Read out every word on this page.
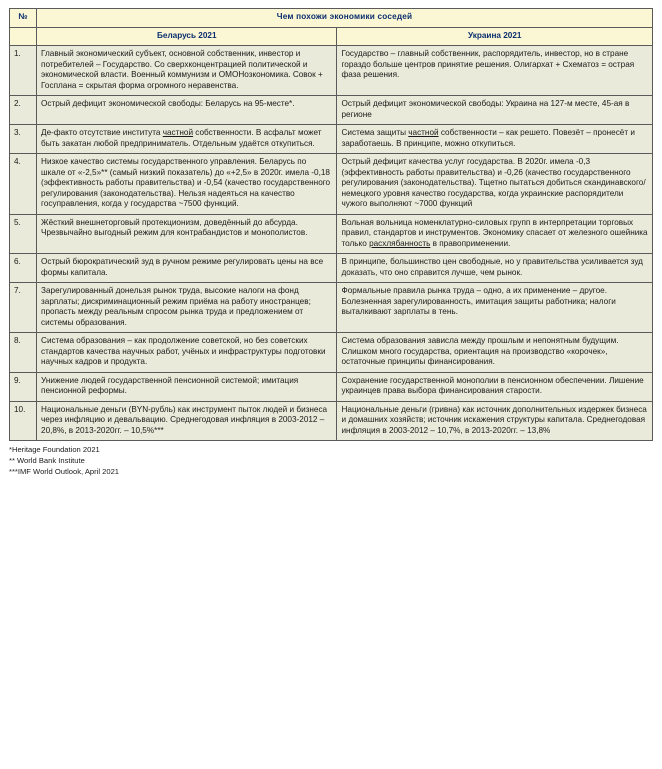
№	Чем похожи экономики соседей	
	Беларусь 2021	Украина 2021
1.	Главный экономический субъект, основной собственник, инвестор и потребителей – Государство. Со сверхконцентрацией политической и экономической власти. Военный коммунизм и ОМОНозкономика. Совок + Госплана = скрытая форма огромного неравенства.	Государство – главный собственник, распорядитель, инвестор, но в стране гораздо больше центров принятие решения. Олигархат + Схематоз = острая фаза решения.
2.	Острый дефицит экономической свободы: Беларусь на 95-месте*.	Острый дефицит экономической свободы: Украина на 127-м месте, 45-ая в регионе
3.	Де-факто отсутствие института частной собственности. В асфальт может быть закатан любой предприниматель. Отдельным удаётся откупиться.	Система защиты частной собственности – как решето. Повезёт – пронесёт и заработаешь. В принципе, можно откупиться.
4.	Низкое качество системы государственного управления. Беларусь по шкале от «-2,5»** (самый низкий показатель) до «+2,5» в 2020г. имела -0,18 (эффективность работы правительства) и -0,54 (качество государственного регулирования (законодательства). Нельзя надеяться на качество госуправления, когда у государства ~7500 функций.	Острый дефицит качества услуг государства. В 2020г. имела -0,3 (эффективность работы правительства) и -0,26 (качество государственного регулирования (законодательства). Тщетно пытаться добиться скандинавского/немецкого уровня качество государства, когда украинские распорядители чужого выполняют ~7000 функций
5.	Жёсткий внешнеторговый протекционизм, доведённый до абсурда. Чрезвычайно выгодный режим для контрабандистов и монополистов.	Вольная вольница номенклатурно-силовых групп в интерпретации торговых правил, стандартов и инструментов. Экономику спасает от железного ошейника только расхлябанность в правоприменении.
6.	Острый бюрократический зуд в ручном режиме регулировать цены на все формы капитала.	В принципе, большинство цен свободные, но у правительства усиливается зуд доказать, что оно справится лучше, чем рынок.
7.	Зарегулированный донельзя рынок труда, высокие налоги на фонд зарплаты; дискриминационный режим приёма на работу иностранцев; пропасть между реальным спросом рынка труда и предложением от системы образования.	Формальные правила рынка труда – одно, а их применение – другое. Болезненная зарегулированность, имитация защиты работника; налоги выталкивают зарплаты в тень.
8.	Система образования – как продолжение советской, но без советских стандартов качества научных работ, учёных и инфраструктуры подготовки научных кадров и продукта.	Система образования зависла между прошлым и непонятным будущим. Слишком много государства, ориентация на производство «корочек», остаточные принципы финансирования.
9.	Унижение людей государственной пенсионной системой; имитация пенсионной реформы.	Сохранение государственной монополии в пенсионном обеспечении. Лишение украинцев права выбора финансирования старости.
10.	Национальные деньги (BYN-рубль) как инструмент пыток людей и бизнеса через инфляцию и девальвацию. Среднегодовая инфляция в 2003-2012 – 20,8%, в 2013-2020гг. – 10,5%***	Национальные деньги (гривна) как источник дополнительных издержек бизнеса и домашних хозяйств; источник искажения структуры капитала. Среднегодовая инфляция в 2003-2012 – 10,7%, в 2013-2020гг. – 13,8%
*Heritage Foundation 2021
** World Bank Institute
***IMF World Outlook, April 2021
